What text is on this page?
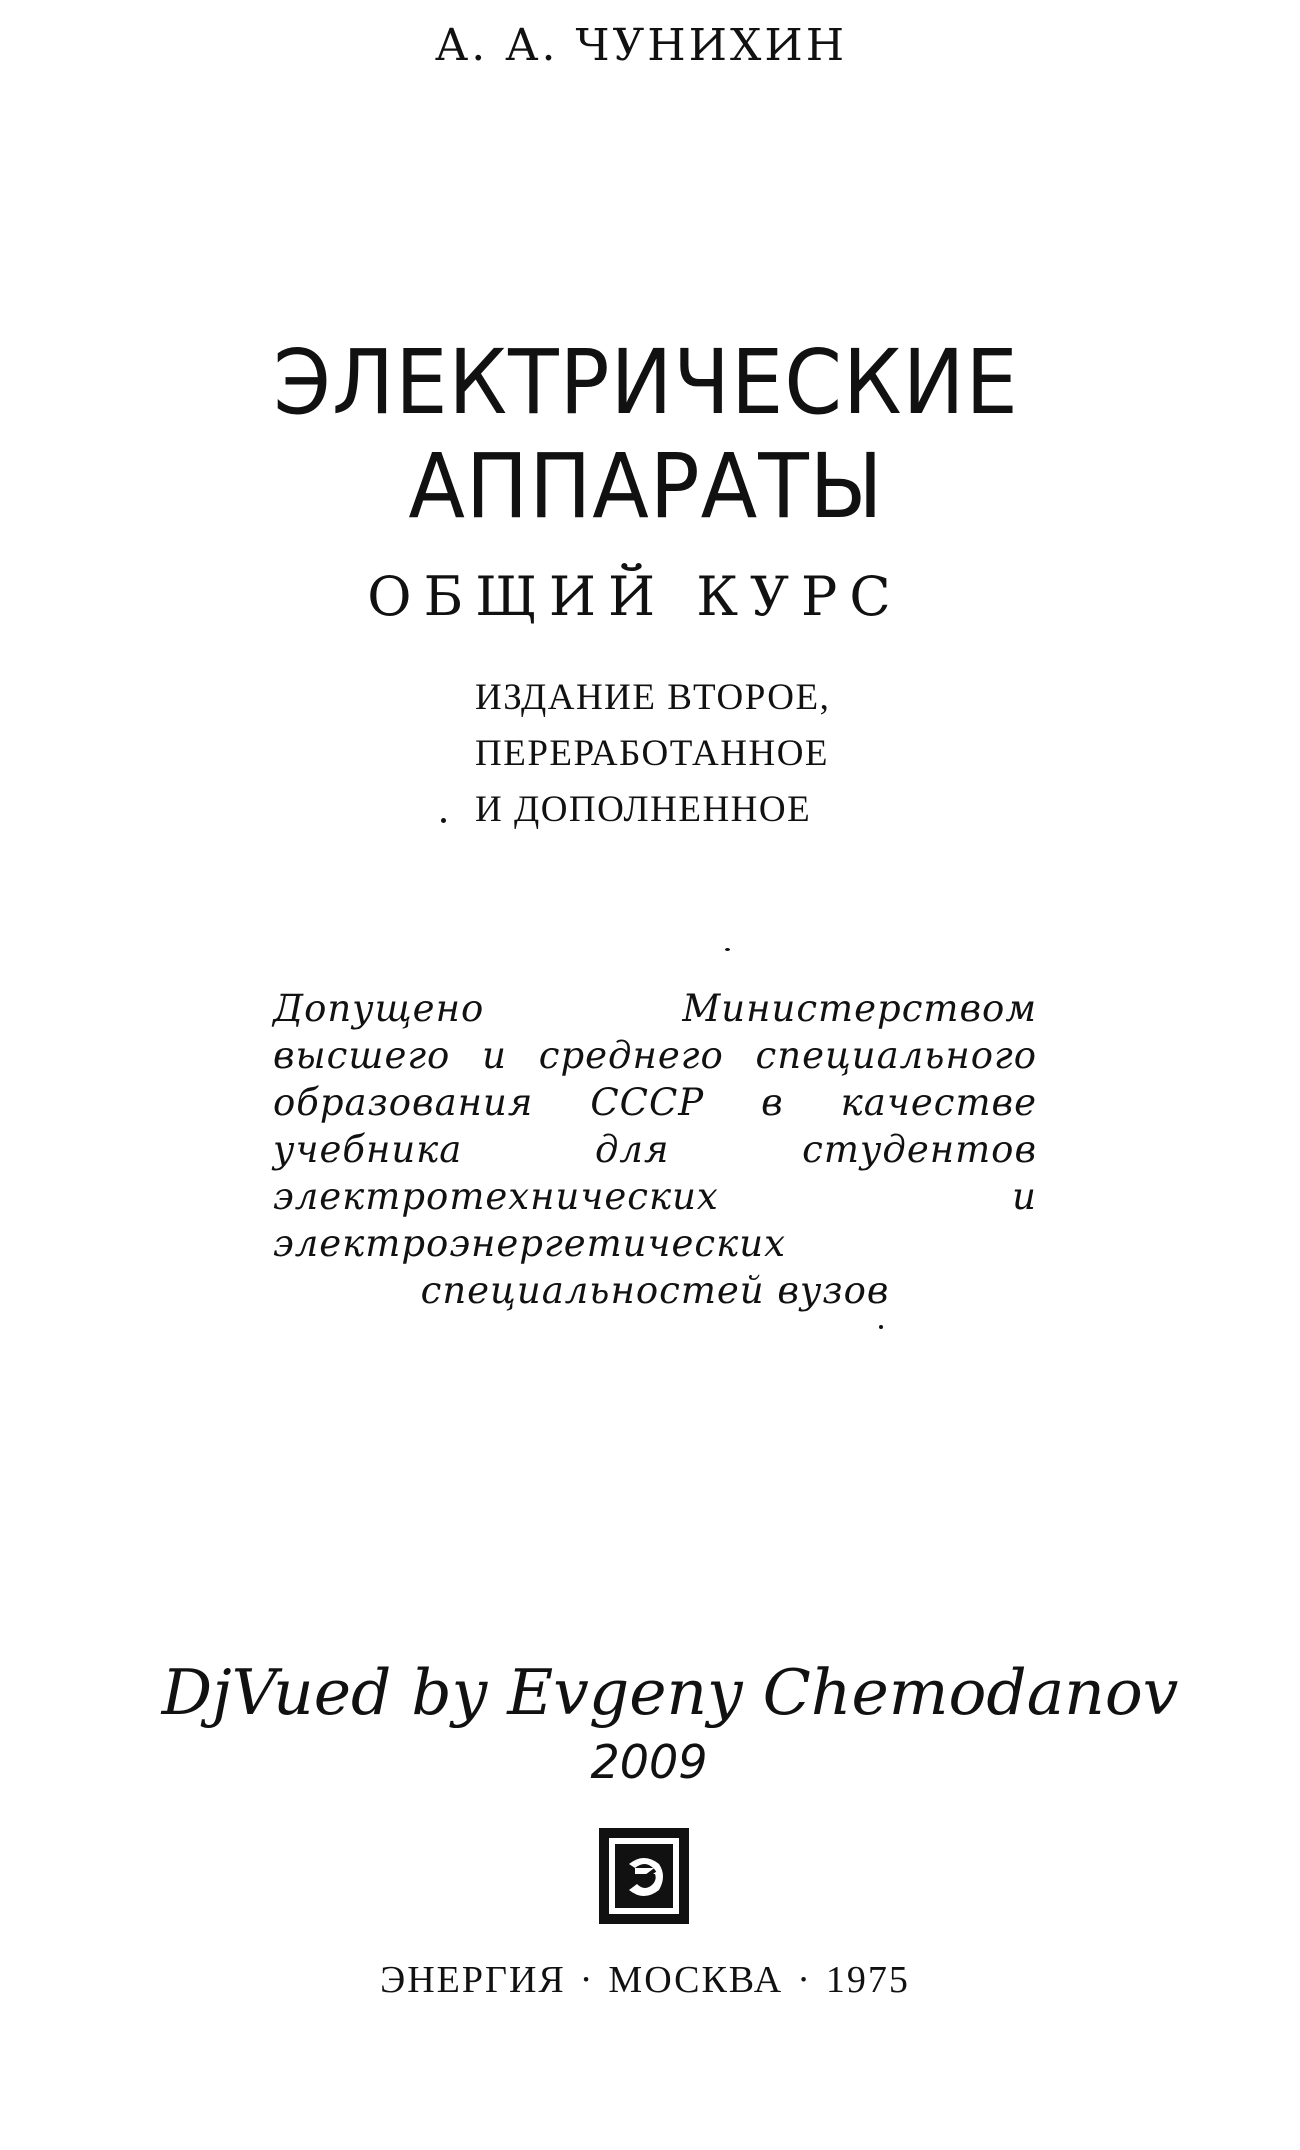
А. А. ЧУНИХИН
ЭЛЕКТРИЧЕСКИЕ
АППАРАТЫ
ОБЩИЙ КУРС
ИЗДАНИЕ ВТОРОЕ,
ПЕРЕРАБОТАННОЕ
И ДОПОЛНЕННОЕ
Допущено Министерством высшего и среднего специального образования СССР в качестве учебника для студентов электротехнических и электроэнергетических специальностей вузов
DjVued by Evgeny Chemodanov
2009
ЭНЕРГИЯ · МОСКВА · 1975
